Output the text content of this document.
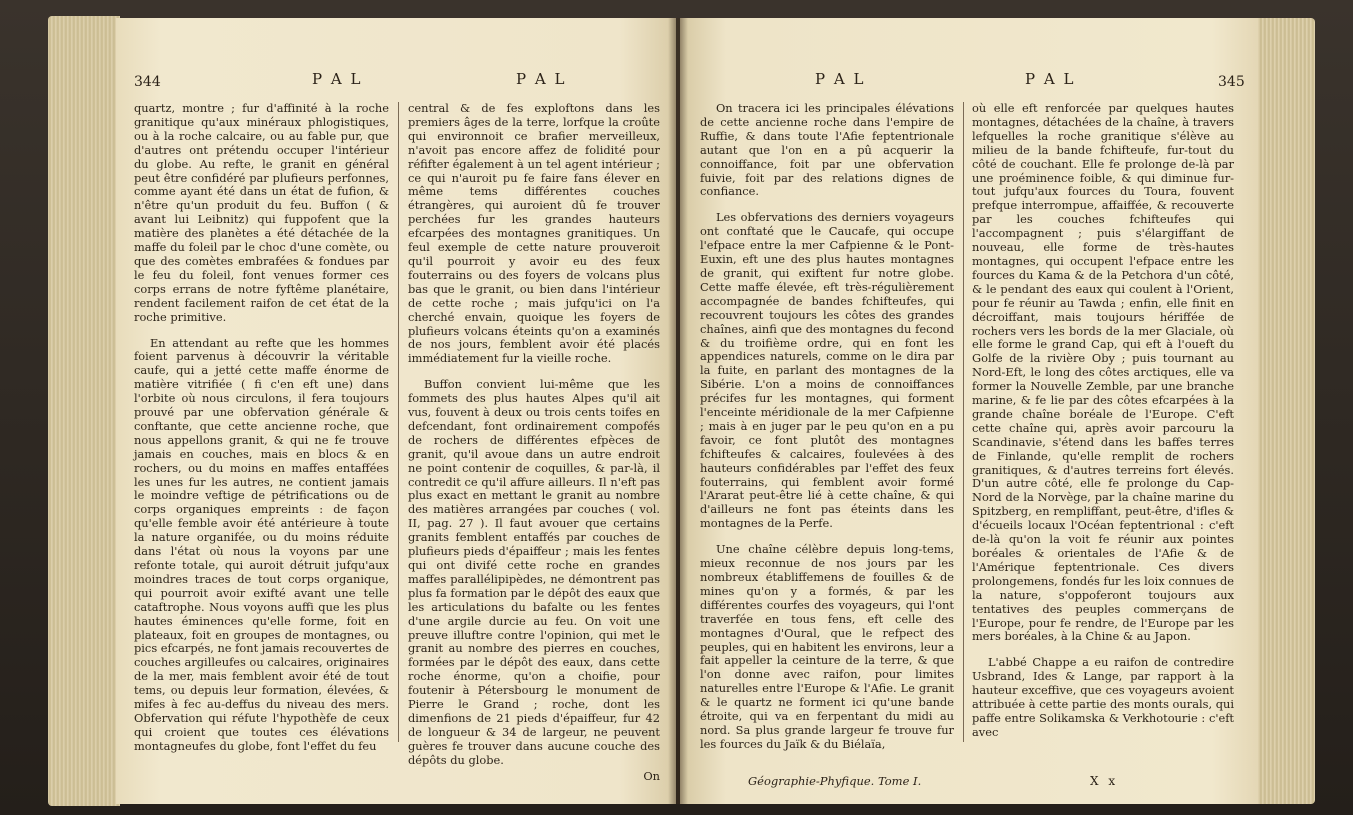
344	P A L	P A L

quartz, montre ; fur d'affinité à la roche granitique qu'aux minéraux phlogistiques, ou à la roche calcaire, ou au fable pur, que d'autres ont prétendu occuper l'intérieur du globe. Au refte, le granit en général peut être confidéré par plufieurs perfonnes, comme ayant été dans un état de fufion, & n'être qu'un produit du feu. Buffon ( & avant lui Leibnitz) qui fuppofent que la matière des planètes a été détachée de la maffe du foleil par le choc d'une comète, ou que des comètes embrafées & fondues par le feu du foleil, font venues former ces corps errans de notre fyftême planétaire, rendent facilement raifon de cet état de la roche primitive.

En attendant au refte que les hommes foient parvenus à découvrir la véritable caufe, qui a jetté cette maffe énorme de matière vitrifiée ( fi c'en eft une) dans l'orbite où nous circulons, il fera toujours prouvé par une obfervation générale & conftante, que cette ancienne roche, que nous appellons granit, & qui ne fe trouve jamais en couches, mais en blocs & en rochers, ou du moins en maffes entaffées les unes fur les autres, ne contient jamais le moindre veftige de pétrifications ou de corps organiques empreints : de façon qu'elle femble avoir été antérieure à toute la nature organifée, ou du moins réduite dans l'état où nous la voyons par une refonte totale, qui auroit détruit jufqu'aux moindres traces de tout corps organique, qui pourroit avoir exifté avant une telle cataftrophe. Nous voyons auffi que les plus hautes éminences qu'elle forme, foit en plateaux, foit en groupes de montagnes, ou pics efcarpés, ne font jamais recouvertes de couches argilleufes ou calcaires, originaires de la mer, mais femblent avoir été de tout tems, ou depuis leur formation, élevées, & mifes à fec au-deffus du niveau des mers. Obfervation qui réfute l'hypothèfe de ceux qui croient que toutes ces élévations montagneufes du globe, font l'effet du feu

central & de fes exploftons dans les premiers âges de la terre, lorfque la croûte qui environnoit ce brafier merveilleux, n'avoit pas encore affez de folidité pour réfifter également à un tel agent intérieur ; ce qui n'auroit pu fe faire fans élever en même tems différentes couches étrangères, qui auroient dû fe trouver perchées fur les grandes hauteurs efcarpées des montagnes granitiques. Un feul exemple de cette nature prouveroit qu'il pourroit y avoir eu des feux fouterrains ou des foyers de volcans plus bas que le granit, ou bien dans l'intérieur de cette roche ; mais jufqu'ici on l'a cherché envain, quoique les foyers de plufieurs volcans éteints qu'on a examinés de nos jours, femblent avoir été placés immédiatement fur la vieille roche.

Buffon convient lui-même que les fommets des plus hautes Alpes qu'il ait vus, fouvent à deux ou trois cents toifes en defcendant, font ordinairement compofés de rochers de différentes efpèces de granit, qu'il avoue dans un autre endroit ne point contenir de coquilles, & par-là, il contredit ce qu'il affure ailleurs. Il n'eft pas plus exact en mettant le granit au nombre des matières arrangées par couches ( vol. II, pag. 27 ). Il faut avouer que certains granits femblent entaffés par couches de plufieurs pieds d'épaiffeur ; mais les fentes qui ont divifé cette roche en grandes maffes parallélipipèdes, ne démontrent pas plus fa formation par le dépôt des eaux que les articulations du bafalte ou les fentes d'une argile durcie au feu. On voit une preuve illuftre contre l'opinion, qui met le granit au nombre des pierres en couches, formées par le dépôt des eaux, dans cette roche énorme, qu'on a choifie, pour foutenir à Pétersbourg le monument de Pierre le Grand ; roche, dont les dimenfions de 21 pieds d'épaiffeur, fur 42 de longueur & 34 de largeur, ne peuvent guères fe trouver dans aucune couche des dépôts du globe.

On
P A L	P A L	345

On tracera ici les principales élévations de cette ancienne roche dans l'empire de Ruffie, & dans toute l'Afie feptentrionale autant que l'on en a pû acquerir la connoiffance, foit par une obfervation fuivie, foit par des relations dignes de confiance.

Les obfervations des derniers voyageurs ont conftaté que le Caucafe, qui occupe l'efpace entre la mer Cafpienne & le Pont-Euxin, eft une des plus hautes montagnes de granit, qui exiftent fur notre globe. Cette maffe élevée, eft très-régulièrement accompagnée de bandes fchifteufes, qui recouvrent toujours les côtes des grandes chaînes, ainfi que des montagnes du fecond & du troifième ordre, qui en font les appendices naturels, comme on le dira par la fuite, en parlant des montagnes de la Sibérie. L'on a moins de connoiffances précifes fur les montagnes, qui forment l'enceinte méridionale de la mer Cafpienne ; mais à en juger par le peu qu'on en a pu favoir, ce font plutôt des montagnes fchifteufes & calcaires, foulevées à des hauteurs confidérables par l'effet des feux fouterrains, qui femblent avoir formé l'Ararat peut-être lié à cette chaîne, & qui d'ailleurs ne font pas éteints dans les montagnes de la Perfe.

Une chaîne célèbre depuis long-tems, mieux reconnue de nos jours par les nombreux établiffemens de fouilles & de mines qu'on y a formés, & par les différentes courfes des voyageurs, qui l'ont traverfée en tous fens, eft celle des montagnes d'Oural, que le refpect des peuples, qui en habitent les environs, leur a fait appeller la ceinture de la terre, & que l'on donne avec raifon, pour limites naturelles entre l'Europe & l'Afie. Le granit & le quartz ne forment ici qu'une bande étroite, qui va en ferpentant du midi au nord. Sa plus grande largeur fe trouve fur les fources du Jaïk & du Biélaïa,

où elle eft renforcée par quelques hautes montagnes, détachées de la chaîne, à travers lefquelles la roche granitique s'élève au milieu de la bande fchifteufe, fur-tout du côté de couchant. Elle fe prolonge de-là par une proéminence foible, & qui diminue fur-tout jufqu'aux fources du Toura, fouvent prefque interrompue, affaiffée, & recouverte par les couches fchifteufes qui l'accompagnent ; puis s'élargiffant de nouveau, elle forme de très-hautes montagnes, qui occupent l'efpace entre les fources du Kama & de la Petchora d'un côté, & le pendant des eaux qui coulent à l'Orient, pour fe réunir au Tawda ; enfin, elle finit en décroiffant, mais toujours hériffée de rochers vers les bords de la mer Glaciale, où elle forme le grand Cap, qui eft à l'oueft du Golfe de la rivière Oby ; puis tournant au Nord-Eft, le long des côtes arctiques, elle va former la Nouvelle Zemble, par une branche marine, & fe lie par des côtes efcarpées à la grande chaîne boréale de l'Europe. C'eft cette chaîne qui, après avoir parcouru la Scandinavie, s'étend dans les baffes terres de Finlande, qu'elle remplit de rochers granitiques, & d'autres terreins fort élevés. D'un autre côté, elle fe prolonge du Cap-Nord de la Norvège, par la chaîne marine du Spitzberg, en rempliffant, peut-être, d'ifles & d'écueils locaux l'Océan feptentrional : c'eft de-là qu'on la voit fe réunir aux pointes boréales & orientales de l'Afie & de l'Amérique feptentrionale. Ces divers prolongemens, fondés fur les loix connues de la nature, s'oppoferont toujours aux tentatives des peuples commerçans de l'Europe, pour fe rendre, de l'Europe par les mers boréales, à la Chine & au Japon.

L'abbé Chappe a eu raifon de contredire Usbrand, Ides & Lange, par rapport à la hauteur exceffive, que ces voyageurs avoient attribuée à cette partie des monts ourals, qui paffe entre Solikamska & Verkhotourie : c'eft avec

Géographie-Phyfique. Tome I.	X x
